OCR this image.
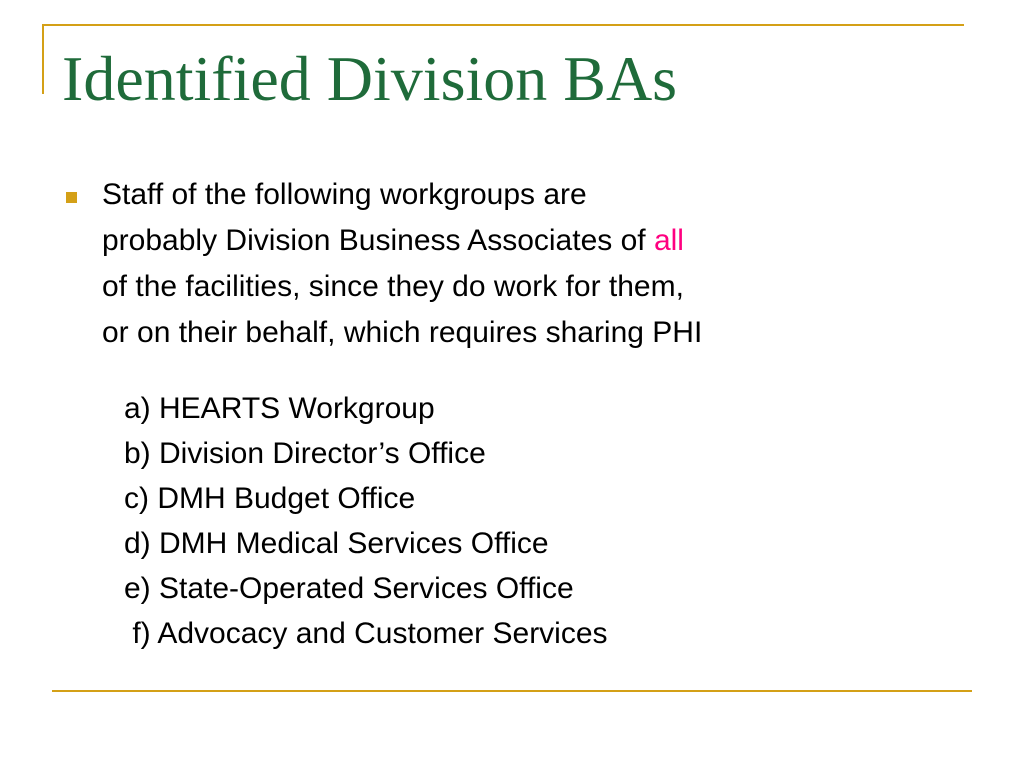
Identified Division BAs
Staff of the following workgroups are
probably Division Business Associates of all
of the facilities, since they do work for them,
or on their behalf, which requires sharing PHI
a) HEARTS Workgroup
b) Division Director’s Office
c) DMH Budget Office
d) DMH Medical Services Office
e) State-Operated Services Office
f) Advocacy and Customer Services
